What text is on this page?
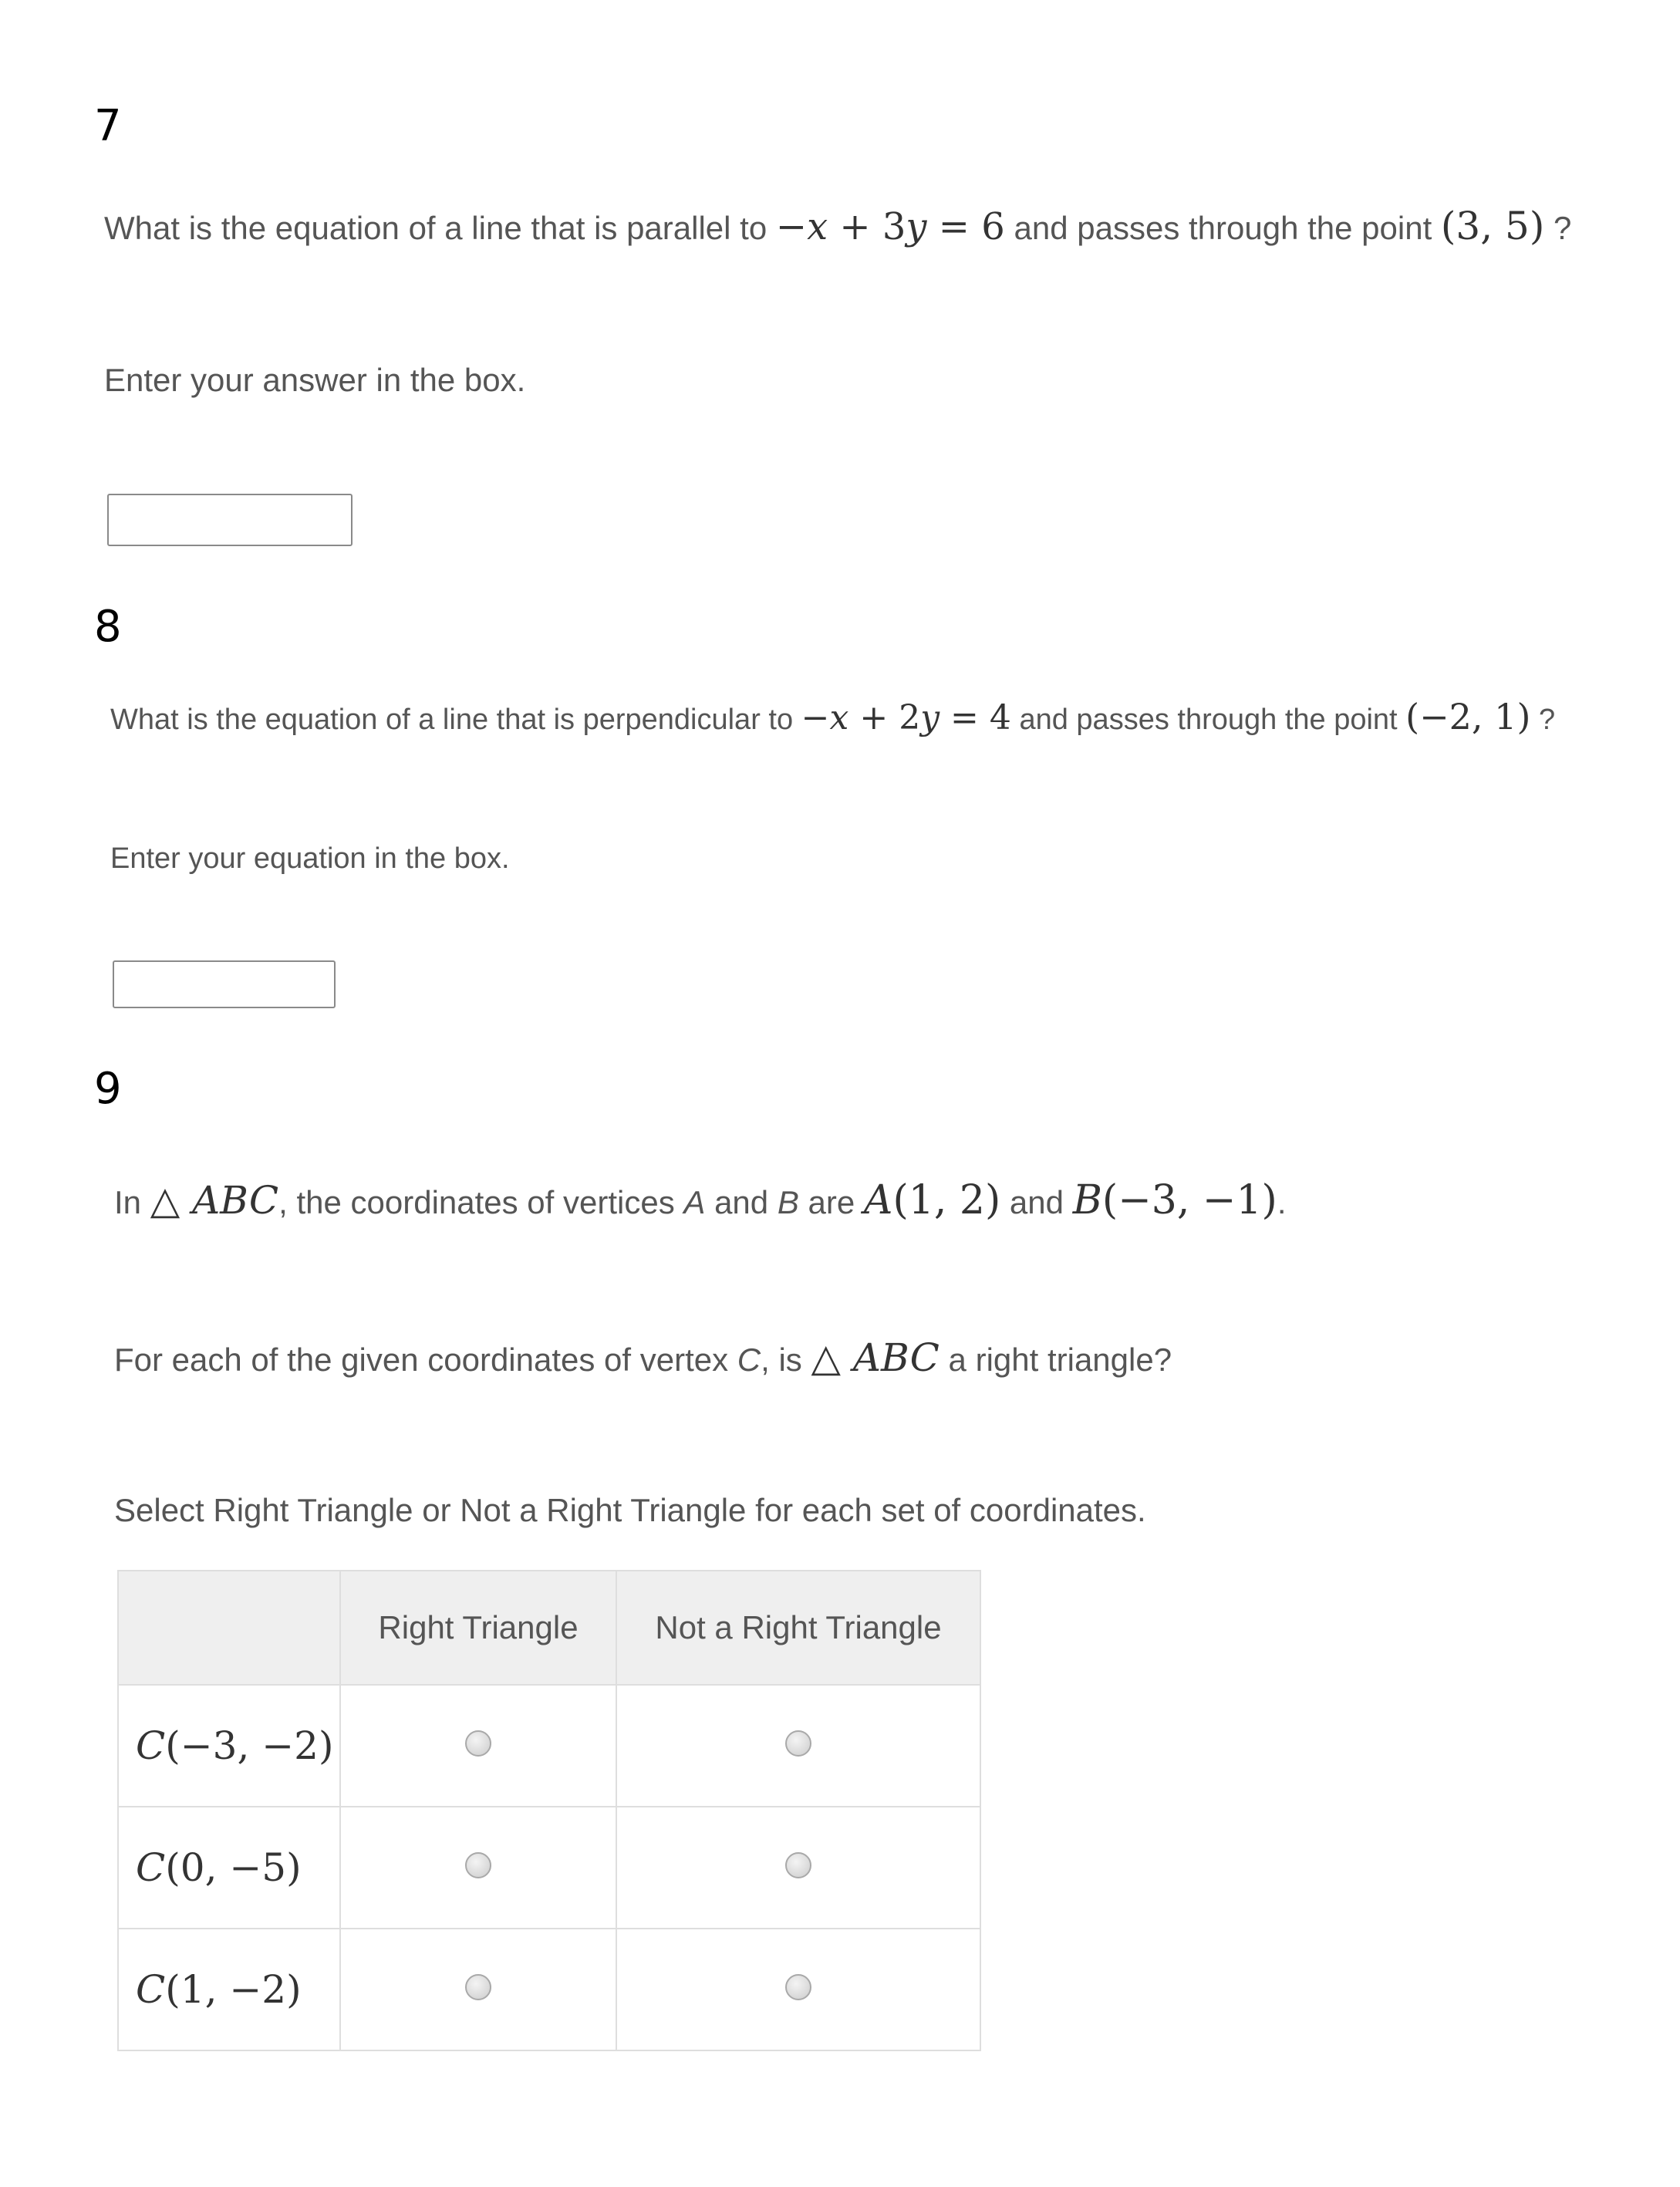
7
What is the equation of a line that is parallel to −x + 3y = 6 and passes through the point (3, 5) ?
Enter your answer in the box.
8
What is the equation of a line that is perpendicular to −x + 2y = 4 and passes through the point (−2, 1) ?
Enter your equation in the box.
9
In △ ABC, the coordinates of vertices A and B are A(1, 2) and B(−3, −1).
For each of the given coordinates of vertex C, is △ ABC a right triangle?
Select Right Triangle or Not a Right Triangle for each set of coordinates.
	Right Triangle	Not a Right Triangle
C(−3, −2)		
C(0, −5)		
C(1, −2)		
